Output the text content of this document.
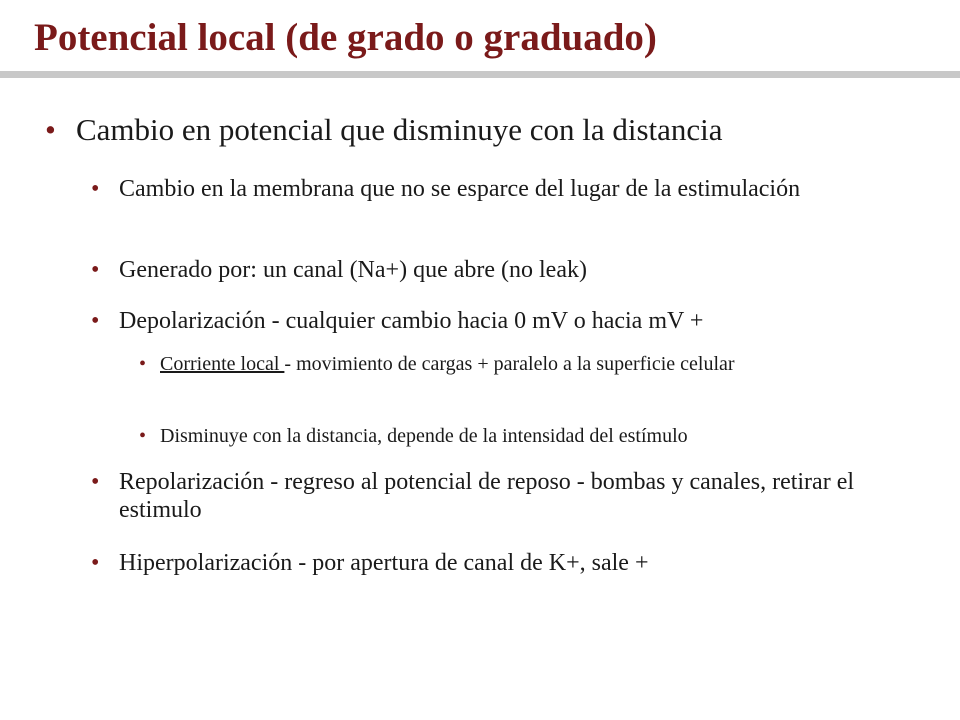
Potencial local (de grado o graduado)
• Cambio en potencial que disminuye con la distancia
• Cambio en la membrana que no se esparce del lugar de la estimulación
• Generado por: un canal (Na+) que abre (no leak)
• Depolarización - cualquier cambio hacia 0 mV o hacia mV +
• Corriente local - movimiento de cargas + paralelo a la superficie celular
• Disminuye con la distancia, depende de la intensidad del estímulo
• Repolarización - regreso al potencial de reposo - bombas y canales, retirar el estimulo
• Hiperpolarización - por apertura de canal de K+, sale +
